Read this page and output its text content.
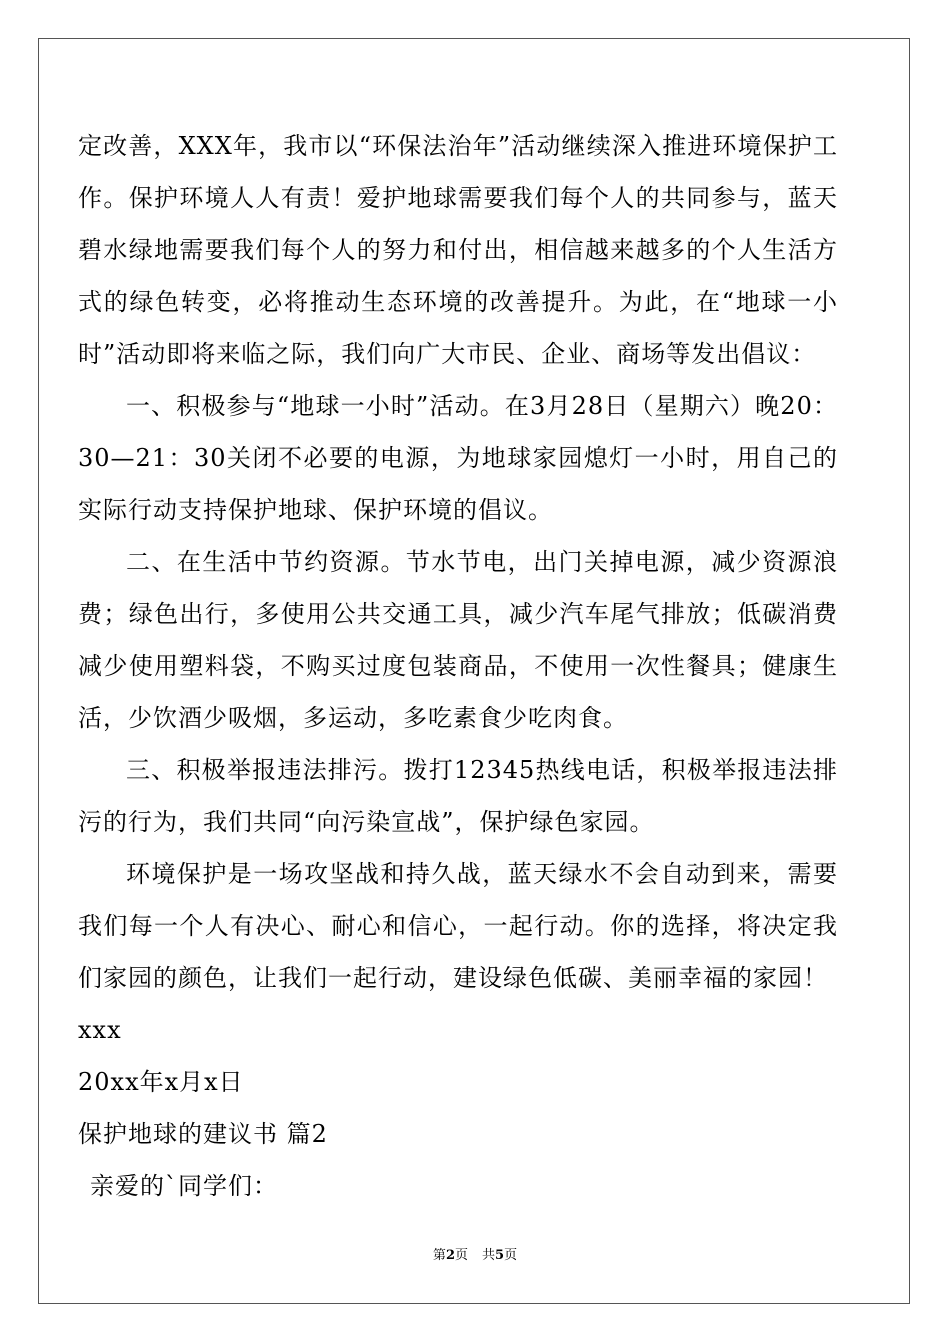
定改善，XXX年，我市以“环保法治年”活动继续深入推进环境保护工作。保护环境人人有责！爱护地球需要我们每个人的共同参与，蓝天碧水绿地需要我们每个人的努力和付出，相信越来越多的个人生活方式的绿色转变，必将推动生态环境的改善提升。为此，在“地球一小时”活动即将来临之际，我们向广大市民、企业、商场等发出倡议：

一、积极参与“地球一小时”活动。在3月28日（星期六）晚20：30—21：30关闭不必要的电源，为地球家园熄灯一小时，用自己的实际行动支持保护地球、保护环境的倡议。

二、在生活中节约资源。节水节电，出门关掉电源，减少资源浪费；绿色出行，多使用公共交通工具，减少汽车尾气排放；低碳消费减少使用塑料袋，不购买过度包装商品，不使用一次性餐具；健康生活，少饮酒少吸烟，多运动，多吃素食少吃肉食。

三、积极举报违法排污。拨打12345热线电话，积极举报违法排污的行为，我们共同“向污染宣战”，保护绿色家园。

环境保护是一场攻坚战和持久战，蓝天绿水不会自动到来，需要我们每一个人有决心、耐心和信心，一起行动。你的选择，将决定我们家园的颜色，让我们一起行动，建设绿色低碳、美丽幸福的家园！

xxx

20xx年x月x日

保护地球的建议书 篇2

亲爱的`同学们：

第2页 共5页
